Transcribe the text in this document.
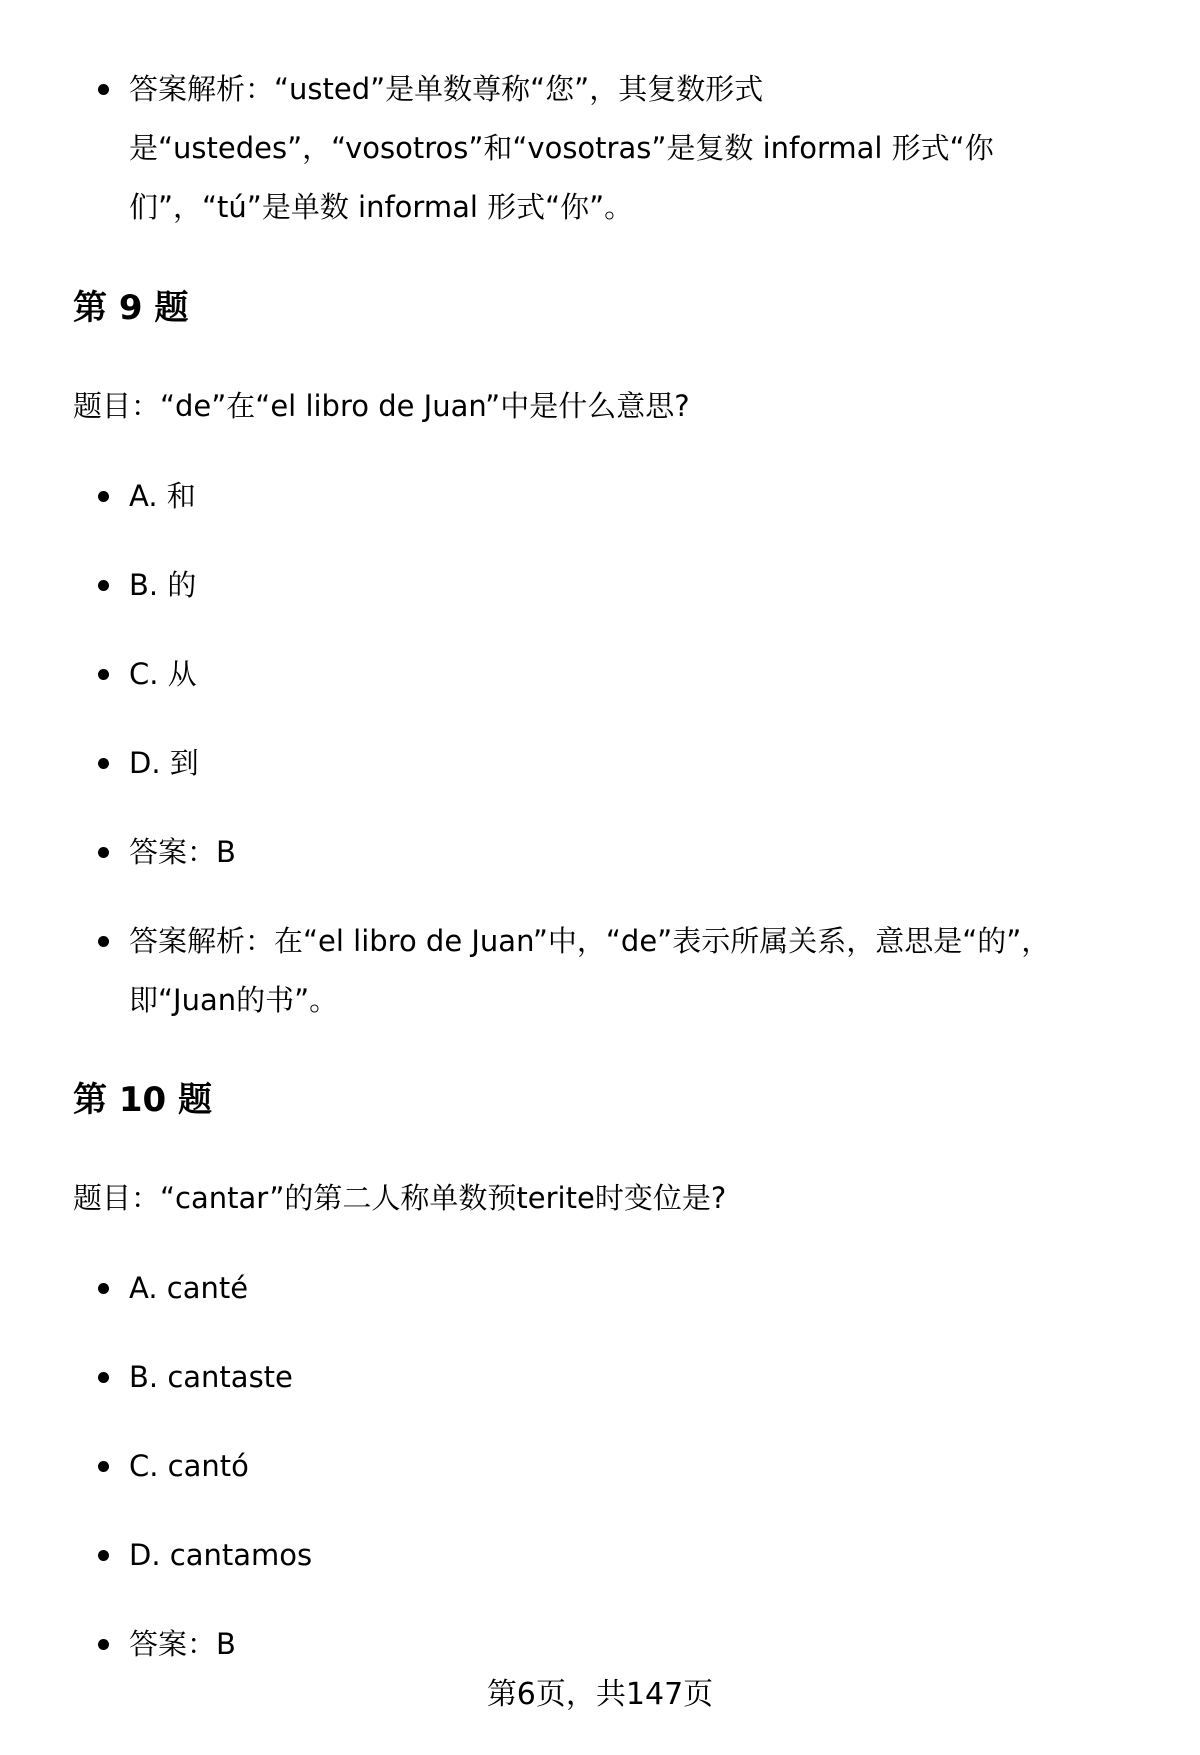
答案解析：“usted”是单数尊称“您”，其复数形式
是“ustedes”，“vosotros”和“vosotras”是复数 informal 形式“你
们”，“tú”是单数 informal 形式“你”。
第 9 题
题目：“de”在“el libro de Juan”中是什么意思?
A. 和
B. 的
C. 从
D. 到
答案：B
答案解析：在“el libro de Juan”中，“de”表示所属关系，意思是“的”，
即“Juan的书”。
第 10 题
题目：“cantar”的第二人称单数预terite时变位是?
A. canté
B. cantaste
C. cantó
D. cantamos
答案：B
第6页，共147页
